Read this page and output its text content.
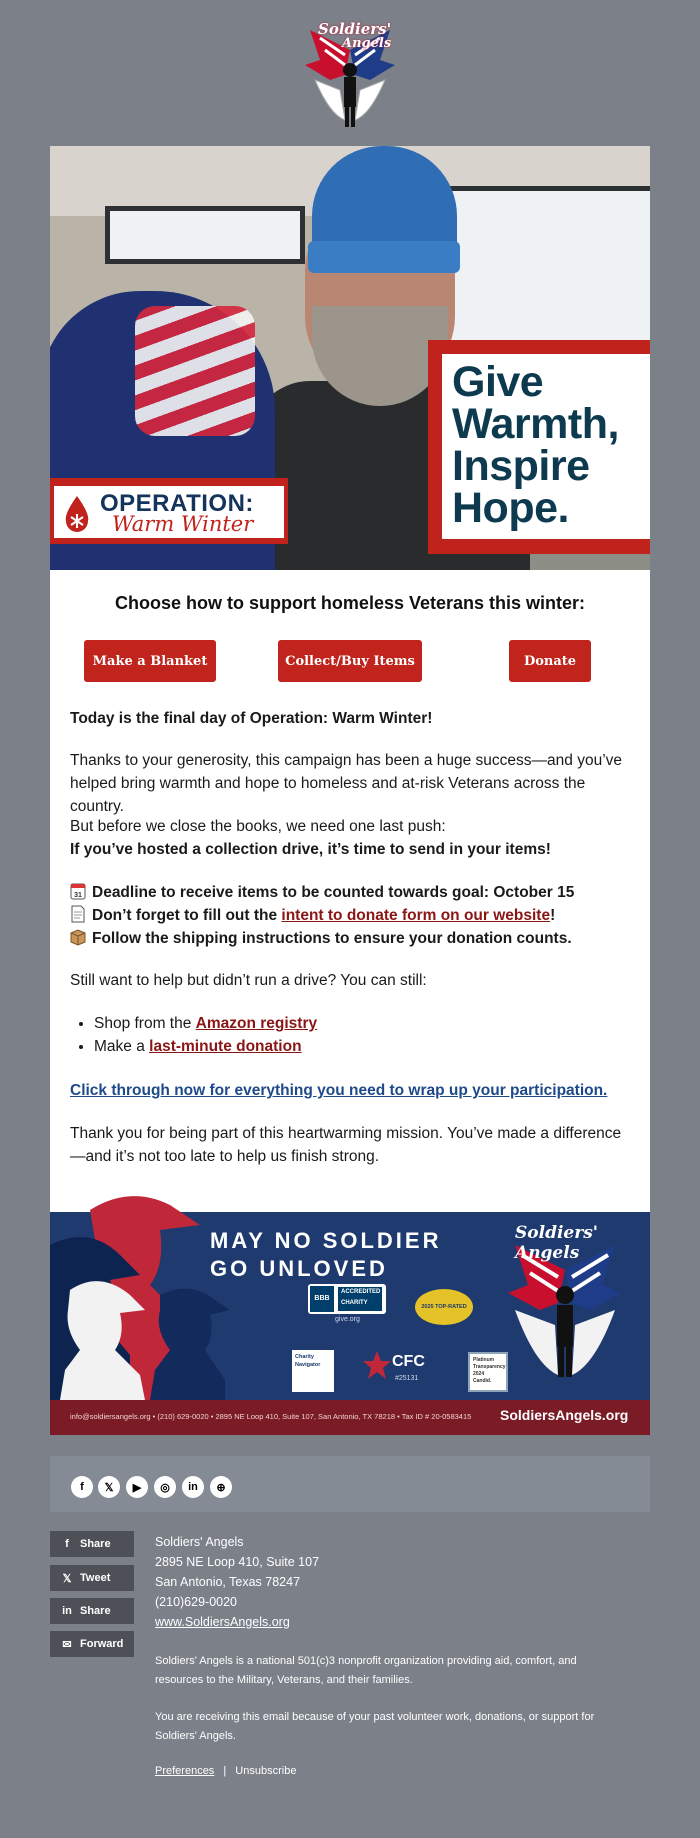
Soldiers'
Angels
Give
Warmth,
Inspire
Hope.
OPERATION:
Warm Winter
Choose how to support homeless Veterans this winter:
Make a Blanket	Collect/Buy Items	Donate
Today is the final day of Operation: Warm Winter!
Thanks to your generosity, this campaign has been a huge success—and you’ve helped bring warmth and hope to homeless and at-risk Veterans across the country.
But before we close the books, we need one last push:
If you’ve hosted a collection drive, it’s time to send in your items!
31 Deadline to receive items to be counted towards goal: October 15
Don’t forget to fill out the intent to donate form on our website!
Follow the shipping instructions to ensure your donation counts.
Still want to help but didn’t run a drive? You can still:
• Shop from the Amazon registry
• Make a last-minute donation
Click through now for everything you need to wrap up your participation.
Thank you for being part of this heartwarming mission. You’ve made a difference—and it’s not too late to help us finish strong.
MAY NO SOLDIER
GO UNLOVED
BBB
ACCREDITED CHARITY
give.org
2025 TOP-RATED
Charity Navigator	CFC
#25131
Platinum
Transparency
2024
Candid.
Soldiers' Angels
info@soldiersangels.org • (210) 629-0020 • 2895 NE Loop 410, Suite 107, San Antonio, TX 78218 • Tax ID # 20-0583415 SoldiersAngels.org
f	𝕏	▶	◎	in	⊕
f	Share
𝕏 Tweet
in Share
✉ Forward
Soldiers' Angels
2895 NE Loop 410, Suite 107
San Antonio, Texas 78247
(210)629-0020
www.SoldiersAngels.org
Soldiers' Angels is a national 501(c)3 nonprofit organization providing aid, comfort, and resources to the Military, Veterans, and their families.
You are receiving this email because of your past volunteer work, donations, or support for Soldiers' Angels.
Preferences | Unsubscribe
